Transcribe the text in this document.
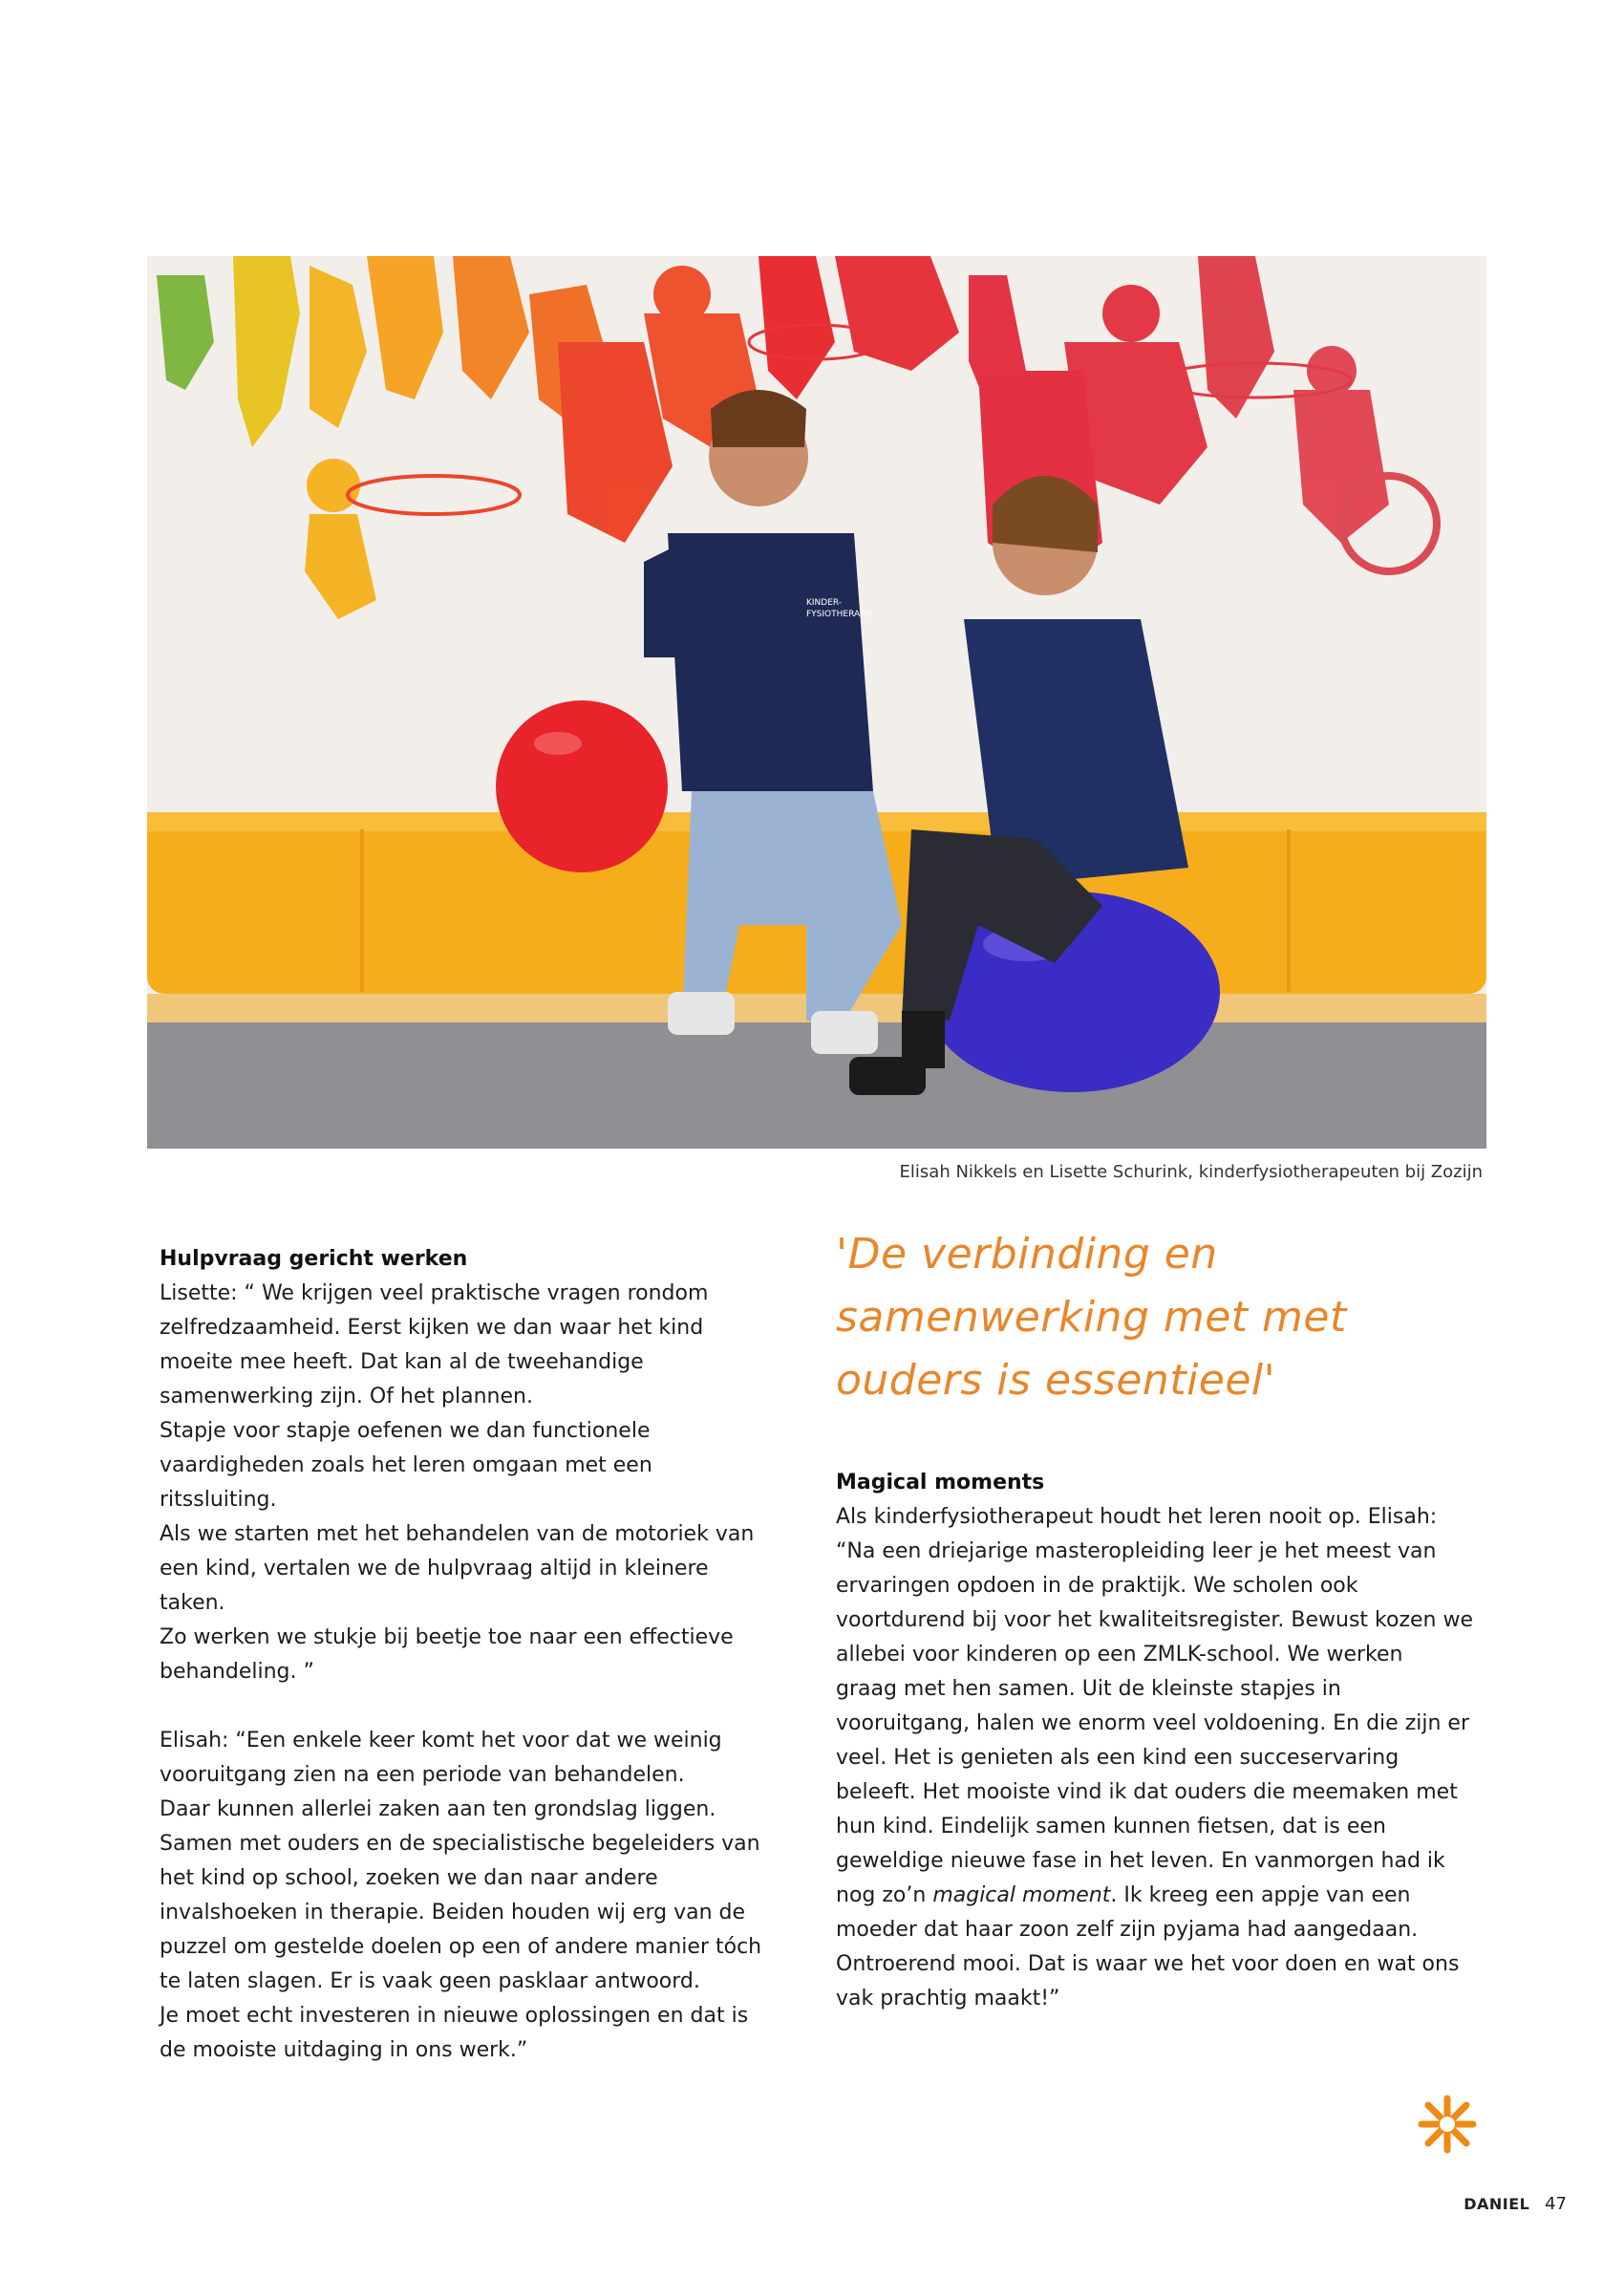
KINDER-
FYSIOTHERAPIE
Elisah Nikkels en Lisette Schurink, kinderfysiotherapeuten bij Zozijn
Hulpvraag gericht werken

Lisette: “ We krijgen veel praktische vragen rondom

zelfredzaamheid. Eerst kijken we dan waar het kind

moeite mee heeft. Dat kan al de tweehandige

samenwerking zijn. Of het plannen.

Stapje voor stapje oefenen we dan functionele

vaardigheden zoals het leren omgaan met een ritssluiting.

Als we starten met het behandelen van de motoriek van

een kind, vertalen we de hulpvraag altijd in kleinere taken.

Zo werken we stukje bij beetje toe naar een effectieve

behandeling. ”

Elisah: “Een enkele keer komt het voor dat we weinig

vooruitgang zien na een periode van behandelen.

Daar kunnen allerlei zaken aan ten grondslag liggen.

Samen met ouders en de specialistische begeleiders van

het kind op school, zoeken we dan naar andere

invalshoeken in therapie. Beiden houden wij erg van de

puzzel om gestelde doelen op een of andere manier tóch

te laten slagen. Er is vaak geen pasklaar antwoord.

Je moet echt investeren in nieuwe oplossingen en dat is

de mooiste uitdaging in ons werk.”

'De verbinding en
samenwerking met met
ouders is essentieel'
Magical moments

Als kinderfysiotherapeut houdt het leren nooit op. Elisah:

“Na een driejarige masteropleiding leer je het meest van

ervaringen opdoen in de praktijk. We scholen ook

voortdurend bij voor het kwaliteitsregister. Bewust kozen we

allebei voor kinderen op een ZMLK-school. We werken

graag met hen samen. Uit de kleinste stapjes in

vooruitgang, halen we enorm veel voldoening. En die zijn er

veel. Het is genieten als een kind een succeservaring

beleeft. Het mooiste vind ik dat ouders die meemaken met

hun kind. Eindelijk samen kunnen fietsen, dat is een

geweldige nieuwe fase in het leven. En vanmorgen had ik

nog zo’n magical moment. Ik kreeg een appje van een

moeder dat haar zoon zelf zijn pyjama had aangedaan.

Ontroerend mooi. Dat is waar we het voor doen en wat ons

vak prachtig maakt!”

DANIEL 47
